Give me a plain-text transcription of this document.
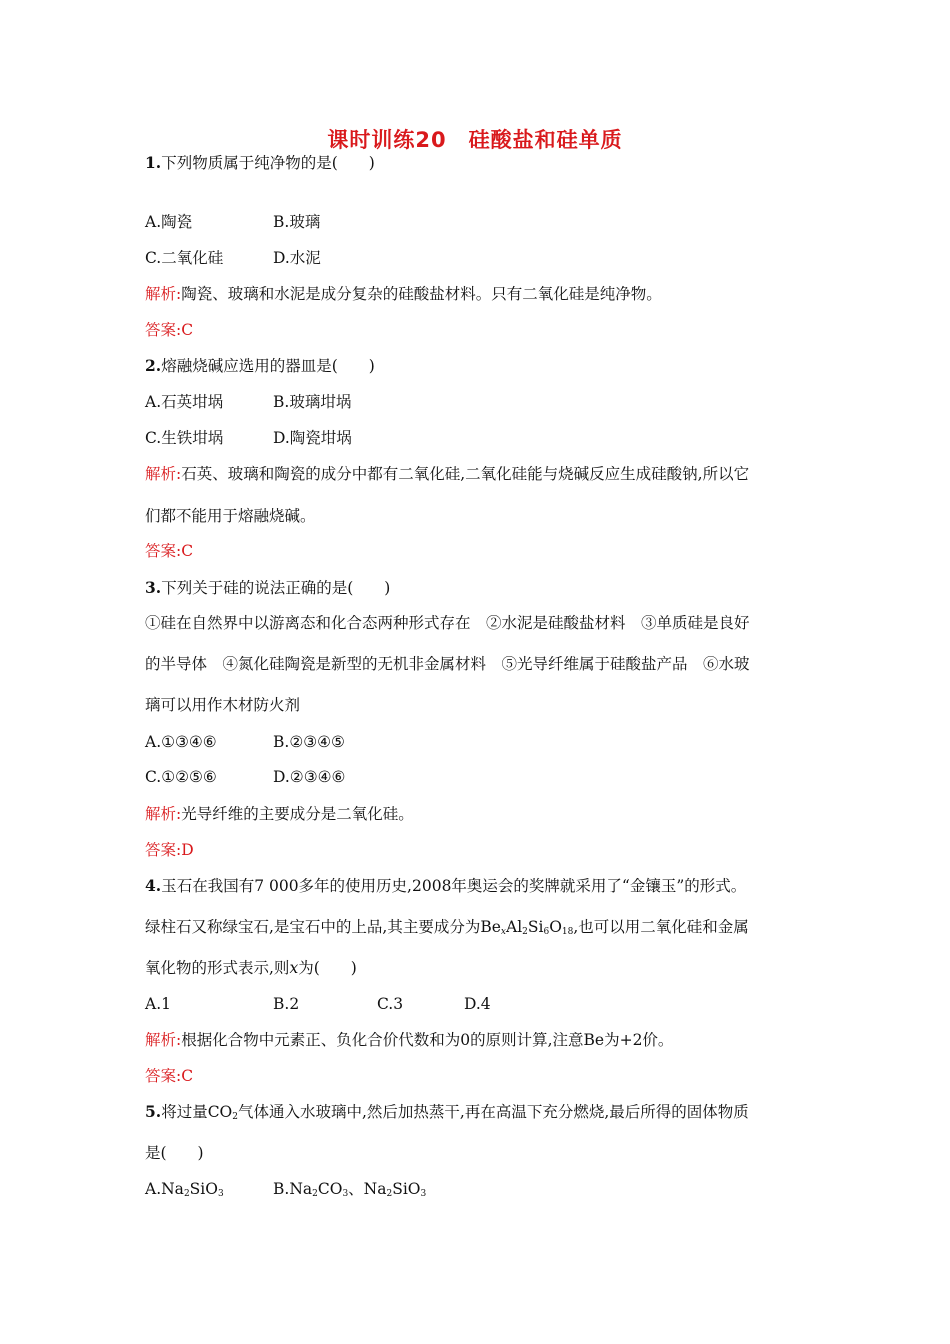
课时训练20　硅酸盐和硅单质
1.下列物质属于纯净物的是(　　)
A.陶瓷	B.玻璃
C.二氧化硅	D.水泥
解析:陶瓷、玻璃和水泥是成分复杂的硅酸盐材料。只有二氧化硅是纯净物。
答案:C
2.熔融烧碱应选用的器皿是(　　)
A.石英坩埚	B.玻璃坩埚
C.生铁坩埚	D.陶瓷坩埚
解析:石英、玻璃和陶瓷的成分中都有二氧化硅,二氧化硅能与烧碱反应生成硅酸钠,所以它
们都不能用于熔融烧碱。
答案:C
3.下列关于硅的说法正确的是(　　)
①硅在自然界中以游离态和化合态两种形式存在　②水泥是硅酸盐材料　③单质硅是良好
的半导体　④氮化硅陶瓷是新型的无机非金属材料　⑤光导纤维属于硅酸盐产品　⑥水玻
璃可以用作木材防火剂
A.①③④⑥	B.②③④⑤
C.①②⑤⑥	D.②③④⑥
解析:光导纤维的主要成分是二氧化硅。
答案:D
4.玉石在我国有7 000多年的使用历史,2008年奥运会的奖牌就采用了“金镶玉”的形式。
绿柱石又称绿宝石,是宝石中的上品,其主要成分为$Be_xAl_2Si_6O_{18}$,也可以用二氧化硅和金属
氧化物的形式表示,则x为(　　)
A.1	B.2	C.3	D.4
解析:根据化合物中元素正、负化合价代数和为0的原则计算,注意Be为+2价。
答案:C
5.将过量$CO_2$气体通入水玻璃中,然后加热蒸干,再在高温下充分燃烧,最后所得的固体物质
是(　　)
$A.Na_2SiO_3$	$B.Na_2CO_3$、$Na_2SiO_3$
